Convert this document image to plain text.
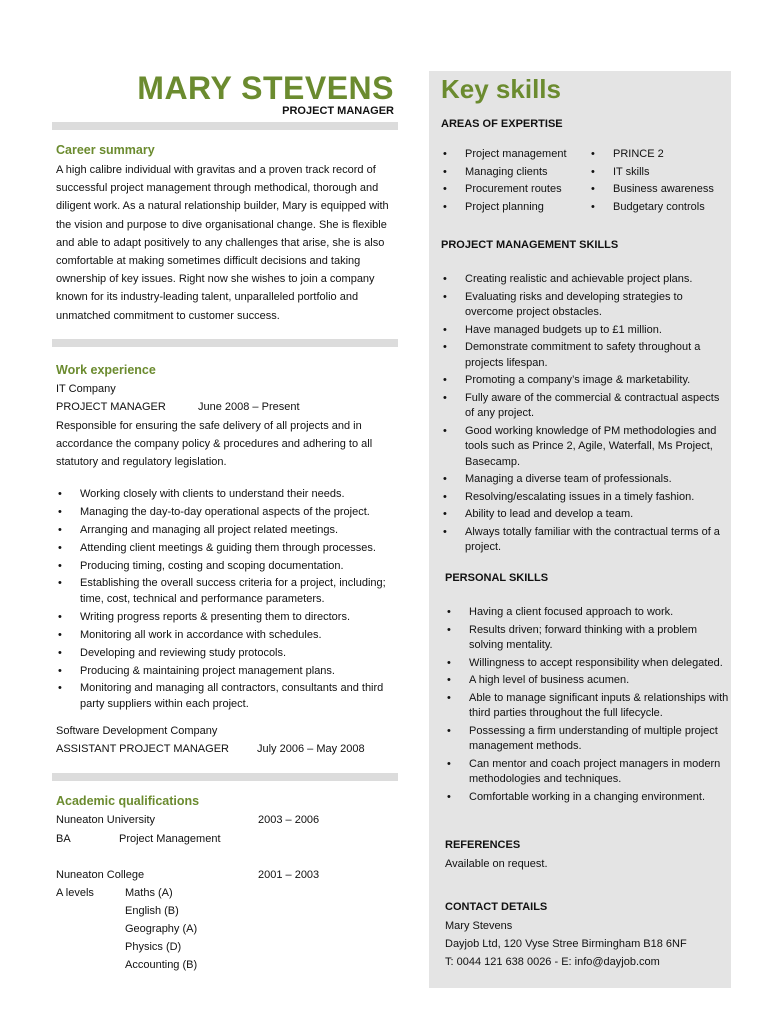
MARY STEVENS
PROJECT MANAGER
Career summary
A high calibre individual with gravitas and a proven track record of successful project management through methodical, thorough and diligent work. As a natural relationship builder, Mary is equipped with the vision and purpose to dive organisational change. She is flexible and able to adapt positively to any challenges that arise, she is also comfortable at making sometimes difficult decisions and taking ownership of key issues. Right now she wishes to join a company known for its industry-leading talent, unparalleled portfolio and unmatched commitment to customer success.
Work experience
IT Company
PROJECT MANAGER	June 2008 – Present
Responsible for ensuring the safe delivery of all projects and in accordance the company policy & procedures and adhering to all statutory and regulatory legislation.
• Working closely with clients to understand their needs.
• Managing the day-to-day operational aspects of the project.
• Arranging and managing all project related meetings.
• Attending client meetings & guiding them through processes.
• Producing timing, costing and scoping documentation.
• Establishing the overall success criteria for a project, including; time, cost, technical and performance parameters.
• Writing progress reports & presenting them to directors.
• Monitoring all work in accordance with schedules.
• Developing and reviewing study protocols.
• Producing & maintaining project management plans.
• Monitoring and managing all contractors, consultants and third party suppliers within each project.
Software Development Company
ASSISTANT PROJECT MANAGER	July 2006 – May 2008
Academic qualifications
Nuneaton University	2003 – 2006
BA	Project Management
Nuneaton College	2001 – 2003
A levels	Maths (A)
English (B)
Geography (A)
Physics (D)
Accounting (B)
Key skills
AREAS OF EXPERTISE
• Project management
• Managing clients
• Procurement routes
• Project planning
• PRINCE 2
• IT skills
• Business awareness
• Budgetary controls
PROJECT MANAGEMENT SKILLS
• Creating realistic and achievable project plans.
• Evaluating risks and developing strategies to overcome project obstacles.
• Have managed budgets up to £1 million.
• Demonstrate commitment to safety throughout a projects lifespan.
• Promoting a company’s image & marketability.
• Fully aware of the commercial & contractual aspects of any project.
• Good working knowledge of PM methodologies and tools such as Prince 2, Agile, Waterfall, Ms Project, Basecamp.
• Managing a diverse team of professionals.
• Resolving/escalating issues in a timely fashion.
• Ability to lead and develop a team.
• Always totally familiar with the contractual terms of a project.
PERSONAL SKILLS
• Having a client focused approach to work.
• Results driven; forward thinking with a problem solving mentality.
• Willingness to accept responsibility when delegated.
• A high level of business acumen.
• Able to manage significant inputs & relationships with third parties throughout the full lifecycle.
• Possessing a firm understanding of multiple project management methods.
• Can mentor and coach project managers in modern methodologies and techniques.
• Comfortable working in a changing environment.
REFERENCES
Available on request.
CONTACT DETAILS
Mary Stevens
Dayjob Ltd, 120 Vyse Stree Birmingham B18 6NF
T: 0044 121 638 0026 - E: info@dayjob.com
